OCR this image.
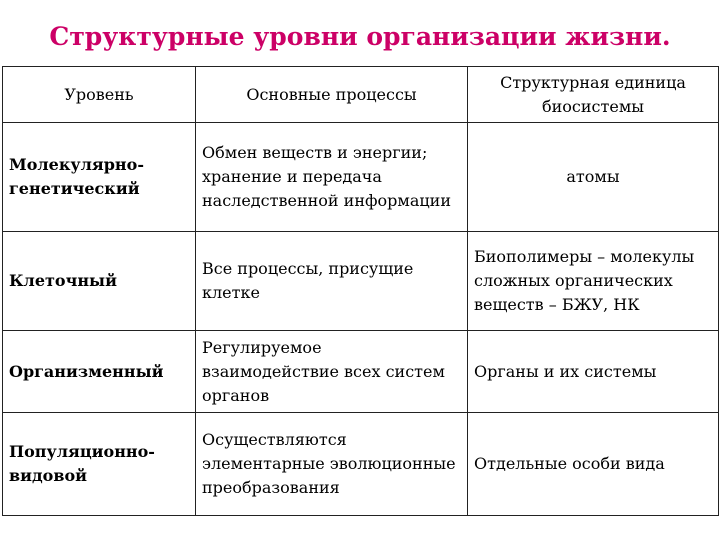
Структурные уровни организации жизни.
Уровень	Основные процессы	Структурная единица биосистемы
Молекулярно-генетический	Обмен веществ и энергии; хранение и передача наследственной информации	атомы
Клеточный	Все процессы, присущие клетке	Биополимеры – молекулы сложных органических веществ – БЖУ, НК
Организменный	Регулируемое взаимодействие всех систем органов	Органы и их системы
Популяционно-видовой	Осуществляются элементарные эволюционные преобразования	Отдельные особи вида
